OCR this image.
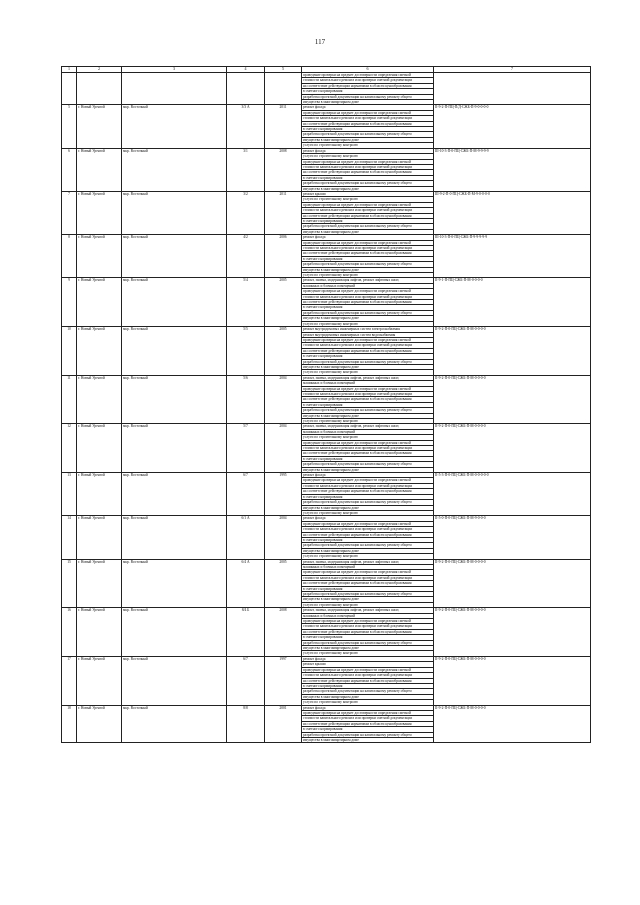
117
1	2	3	4	5	6	7
					проведение проверки на предмет достоверности определения сметной	
					стоимости капитального ремонта или проверки сметной документации	
					на соответствие действующим нормативам в области ценообразования	
					в сметного нормирования	
					разработка проектной документации на капитальному ремонту общего	
					имущества в многоквартирном доме	
5	г. Новый Уренгой	мкр. Восточный	3/3 А	2011	ремонт фасада	II-9-2-П-ПЦ-П/Д-СЖБ-П-9-0-0-0-0
					проведение проверки на предмет достоверности определения сметной	
					стоимости капитального ремонта или проверки сметной документации	
					на соответствие действующим нормативам в области ценообразования	
					в сметного нормирования	
					разработка проектной документации на капитальному ремонту общего	
					имущества в многоквартирном доме	
					услуги по строительному контролю	
6	г. Новый Уренгой	мкр. Восточный	3/1	2008	ремонт фасада	III-10-3-П-0-ПЦ-СЖБ-П-М-9-9-9-9
					услуги по строительному контролю	
					проведение проверки на предмет достоверности определения сметной	
					стоимости капитального ремонта или проверки сметной документации	
					на соответствие действующим нормативам в области ценообразования	
					в сметного нормирования	
					разработка проектной документации на капитальному ремонту общего	
					имущества в многоквартирном доме	
7	г. Новый Уренгой	мкр. Восточный	3/2	2011	ремонт крыши	III-9-2-П-0-ПЦ-СЖБ-П-М-9-0-0-0-0
					услуги по строительному контролю	
					проведение проверки на предмет достоверности определения сметной	
					стоимости капитального ремонта или проверки сметной документации	
					на соответствие действующим нормативам в области ценообразования	
					в сметного нормирования	
					разработка проектной документации на капитальному ремонту общего	
					имущества в многоквартирном доме	
8	г. Новый Уренгой	мкр. Восточный	4/2	2006	ремонт фасада	III-10-3-П-0-ПЦ-СЖБ-П-9-9-9-9-9
					проведение проверки на предмет достоверности определения сметной	
					стоимости капитального ремонта или проверки сметной документации	
					на соответствие действующим нормативам в области ценообразования	
					в сметного нормирования	
					разработка проектной документации на капитальному ремонту общего	
					имущества в многоквартирном доме	
					услуги по строительному контролю	
9	г. Новый Уренгой	мкр. Восточный	5/4	2005	ремонт, замена, модернизация лифтов, ремонт лифтовых шахт,	II-9-1-П-ПЦ-СЖБ-П-М-0-0-0-0
					машинных и блочных помещений	
					проведение проверки на предмет достоверности определения сметной	
					стоимости капитального ремонта или проверки сметной документации	
					на соответствие действующим нормативам в области ценообразования	
					в сметного нормирования	
					разработка проектной документации на капитальному ремонту общего	
					имущества в многоквартирном доме	
					услуги по строительному контролю	
10	г. Новый Уренгой	мкр. Восточный	5/5	2005	ремонт внутридомовых инженерных систем электроснабжения	II-9-2-П-0-ПЦ-СЖБ-П-М-0-0-0-0
					ремонт внутридомовых инженерных систем водоснабжения	
					проведение проверки на предмет достоверности определения сметной	
					стоимости капитального ремонта или проверки сметной документации	
					на соответствие действующим нормативам в области ценообразования	
					в сметного нормирования	
					разработка проектной документации на капитальному ремонту общего	
					имущества в многоквартирном доме	
					услуги по строительному контролю	
11	г. Новый Уренгой	мкр. Восточный	5/6	2004	ремонт, замена, модернизация лифтов, ремонт лифтовых шахт,	II-9-2-П-0-ПЦ-СЖБ-П-М-0-0-0-0
					машинных и блочных помещений	
					проведение проверки на предмет достоверности определения сметной	
					стоимости капитального ремонта или проверки сметной документации	
					на соответствие действующим нормативам в области ценообразования	
					в сметного нормирования	
					разработка проектной документации на капитальному ремонту общего	
					имущества в многоквартирном доме	
					услуги по строительному контролю	
12	г. Новый Уренгой	мкр. Восточный	5/7	2004	ремонт, замена, модернизация лифтов, ремонт лифтовых шахт,	II-9-2-П-0-ПЦ-СЖБ-П-М-0-0-0-0
					машинных и блочных помещений	
					услуги по строительному контролю	
					проведение проверки на предмет достоверности определения сметной	
					стоимости капитального ремонта или проверки сметной документации	
					на соответствие действующим нормативам в области ценообразования	
					в сметного нормирования	
					разработка проектной документации на капитальному ремонту общего	
					имущества в многоквартирном доме	
13	г. Новый Уренгой	мкр. Восточный	6/7	1995	ремонт фасада	II-5-3-П-0-ПЦ-СЖБ-П-М-0-0-0-0-0
					проведение проверки на предмет достоверности определения сметной	
					стоимости капитального ремонта или проверки сметной документации	
					на соответствие действующим нормативам в области ценообразования	
					в сметного нормирования	
					разработка проектной документации на капитальному ремонту общего	
					имущества в многоквартирном доме	
					услуги по строительному контролю	
14	г. Новый Уренгой	мкр. Восточный	6/1 А	2004	ремонт фасада	II-5-0-П-0-ПЦ-СЖБ-П-М-9-0-0-0
					проведение проверки на предмет достоверности определения сметной	
					стоимости капитального ремонта или проверки сметной документации	
					на соответствие действующим нормативам в области ценообразования	
					в сметного нормирования	
					разработка проектной документации на капитальному ремонту общего	
					имущества в многоквартирном доме	
					услуги по строительному контролю	
15	г. Новый Уренгой	мкр. Восточный	6/4 А	2005	ремонт, замена, модернизация лифтов, ремонт лифтовых шахт,	II-9-2-П-0-ПЦ-СЖБ-П-М-0-0-0-0
					машинных и блочных помещений	
					проведение проверки на предмет достоверности определения сметной	
					стоимости капитального ремонта или проверки сметной документации	
					на соответствие действующим нормативам в области ценообразования	
					в сметного нормирования	
					разработка проектной документации на капитальному ремонту общего	
					имущества в многоквартирном доме	
					услуги по строительному контролю	
16	г. Новый Уренгой	мкр. Восточный	8/4 Б	2008	ремонт, замена, модернизация лифтов, ремонт лифтовых шахт,	II-9-2-П-0-ПЦ-СЖБ-П-М-0-0-0-0
					машинных и блочных помещений	
					проведение проверки на предмет достоверности определения сметной	
					стоимости капитального ремонта или проверки сметной документации	
					на соответствие действующим нормативам в области ценообразования	
					в сметного нормирования	
					разработка проектной документации на капитальному ремонту общего	
					имущества в многоквартирном доме	
					услуги по строительному контролю	
17	г. Новый Уренгой	мкр. Восточный	6/7	1997	ремонт фасада	II-9-2-П-0-ПЦ-СЖБ-П-М-0-0-0-0
					ремонт крыши	
					проведение проверки на предмет достоверности определения сметной	
					стоимости капитального ремонта или проверки сметной документации	
					на соответствие действующим нормативам в области ценообразования	
					в сметного нормирования	
					разработка проектной документации на капитальному ремонту общего	
					имущества в многоквартирном доме	
					услуги по строительному контролю	
18	г. Новый Уренгой	мкр. Восточный	8/8	2001	ремонт фасада	II-9-2-П-0-ПЦ-СЖБ-П-М-0-0-0-0
					проведение проверки на предмет достоверности определения сметной	
					стоимости капитального ремонта или проверки сметной документации	
					на соответствие действующим нормативам в области ценообразования	
					в сметного нормирования	
					разработка проектной документации на капитальному ремонту общего	
					имущества в многоквартирном доме	
